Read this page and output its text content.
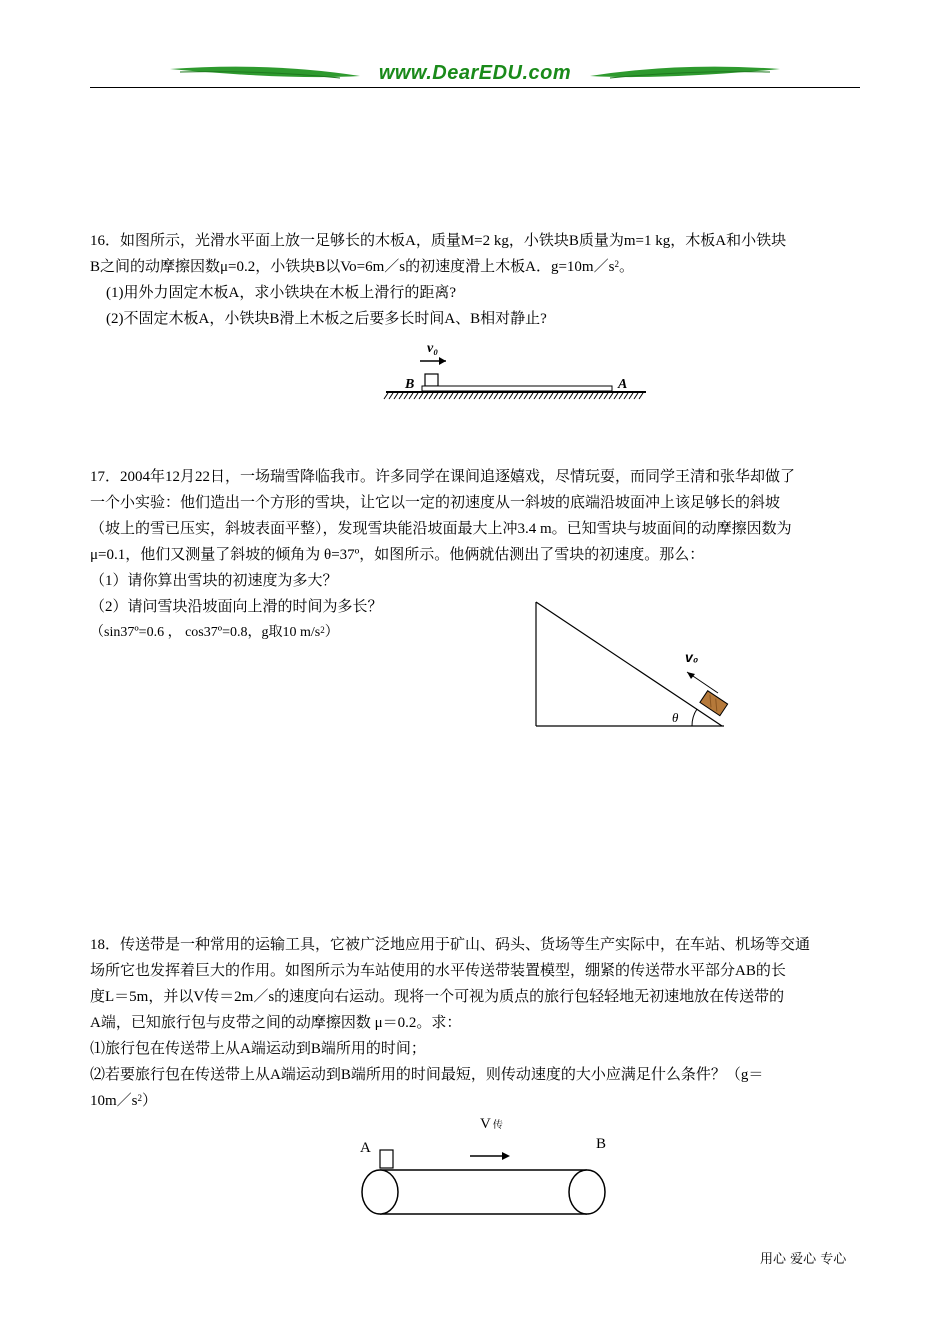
www.DearEDU.com
16．如图所示，光滑水平面上放一足够长的木板A，质量M=2 kg，小铁块B质量为m=1 kg，木板A和小铁块
B之间的动摩擦因数μ=0.2，小铁块B以Vo=6m／s的初速度滑上木板A．$g=10m/s^2$。
(1)用外力固定木板A，求小铁块在木板上滑行的距离?
(2)不固定木板A，小铁块B滑上木板之后要多长时间A、B相对静止?
v₀
B	A
17．2004年12月22日，一场瑞雪降临我市。许多同学在课间追逐嬉戏，尽情玩耍，而同学王清和张华却做了
一个小实验：他们造出一个方形的雪块，让它以一定的初速度从一斜坡的底端沿坡面冲上该足够长的斜坡
（坡上的雪已压实，斜坡表面平整），发现雪块能沿坡面最大上冲3.4 m。已知雪块与坡面间的动摩擦因数为
μ=0.1，他们又测量了斜坡的倾角为 θ=37º，如图所示。他俩就估测出了雪块的初速度。那么：
（1）请你算出雪块的初速度为多大？
（2）请问雪块沿坡面向上滑的时间为多长？
（sin37º=0.6 ， cos37º=0.8，g取10 $m/s^2$）
θ
v₀
18．传送带是一种常用的运输工具，它被广泛地应用于矿山、码头、货场等生产实际中，在车站、机场等交通
场所它也发挥着巨大的作用。如图所示为车站使用的水平传送带装置模型，绷紧的传送带水平部分AB的长
度L＝5m，并以V传＝2m／s的速度向右运动。现将一个可视为质点的旅行包轻轻地无初速地放在传送带的
A端，已知旅行包与皮带之间的动摩擦因数 μ＝0.2。求：
⑴旅行包在传送带上从A端运动到B端所用的时间；
⑵若要旅行包在传送带上从A端运动到B端所用的时间最短，则传动速度的大小应满足什么条件？（g＝
$10m/s^2$）
V传
A	B
用心 爱心 专心
